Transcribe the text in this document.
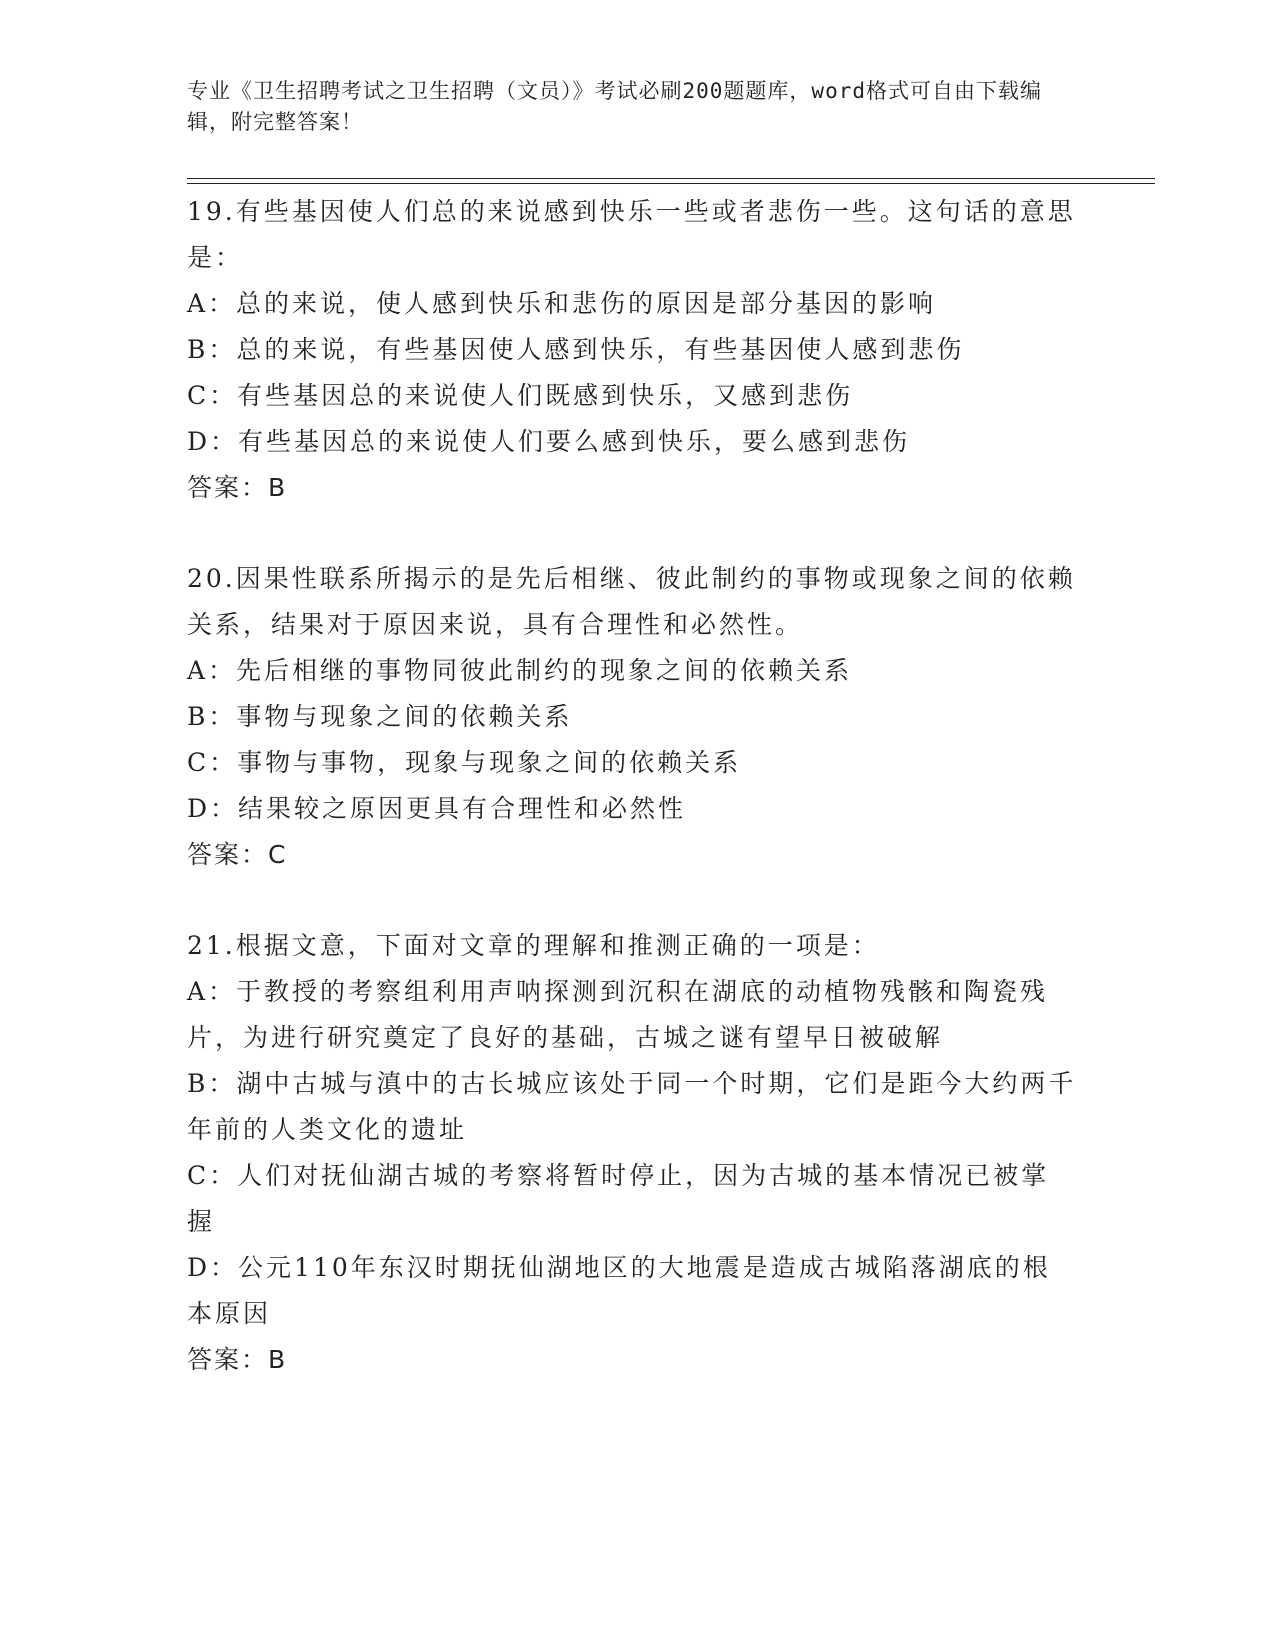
专业《卫生招聘考试之卫生招聘（文员）》考试必刷200题题库，word格式可自由下载编辑，附完整答案！

19.有些基因使人们总的来说感到快乐一些或者悲伤一些。这句话的意思是：

A：总的来说，使人感到快乐和悲伤的原因是部分基因的影响

B：总的来说，有些基因使人感到快乐，有些基因使人感到悲伤

C：有些基因总的来说使人们既感到快乐，又感到悲伤

D：有些基因总的来说使人们要么感到快乐，要么感到悲伤

答案：B

20.因果性联系所揭示的是先后相继、彼此制约的事物或现象之间的依赖关系，结果对于原因来说，具有合理性和必然性。

A：先后相继的事物同彼此制约的现象之间的依赖关系

B：事物与现象之间的依赖关系

C：事物与事物，现象与现象之间的依赖关系

D：结果较之原因更具有合理性和必然性

答案：C

21.根据文意，下面对文章的理解和推测正确的一项是：

A：于教授的考察组利用声呐探测到沉积在湖底的动植物残骸和陶瓷残片，为进行研究奠定了良好的基础，古城之谜有望早日被破解

B：湖中古城与滇中的古长城应该处于同一个时期，它们是距今大约两千年前的人类文化的遗址

C：人们对抚仙湖古城的考察将暂时停止，因为古城的基本情况已被掌握

D：公元110年东汉时期抚仙湖地区的大地震是造成古城陷落湖底的根本原因

答案：B
